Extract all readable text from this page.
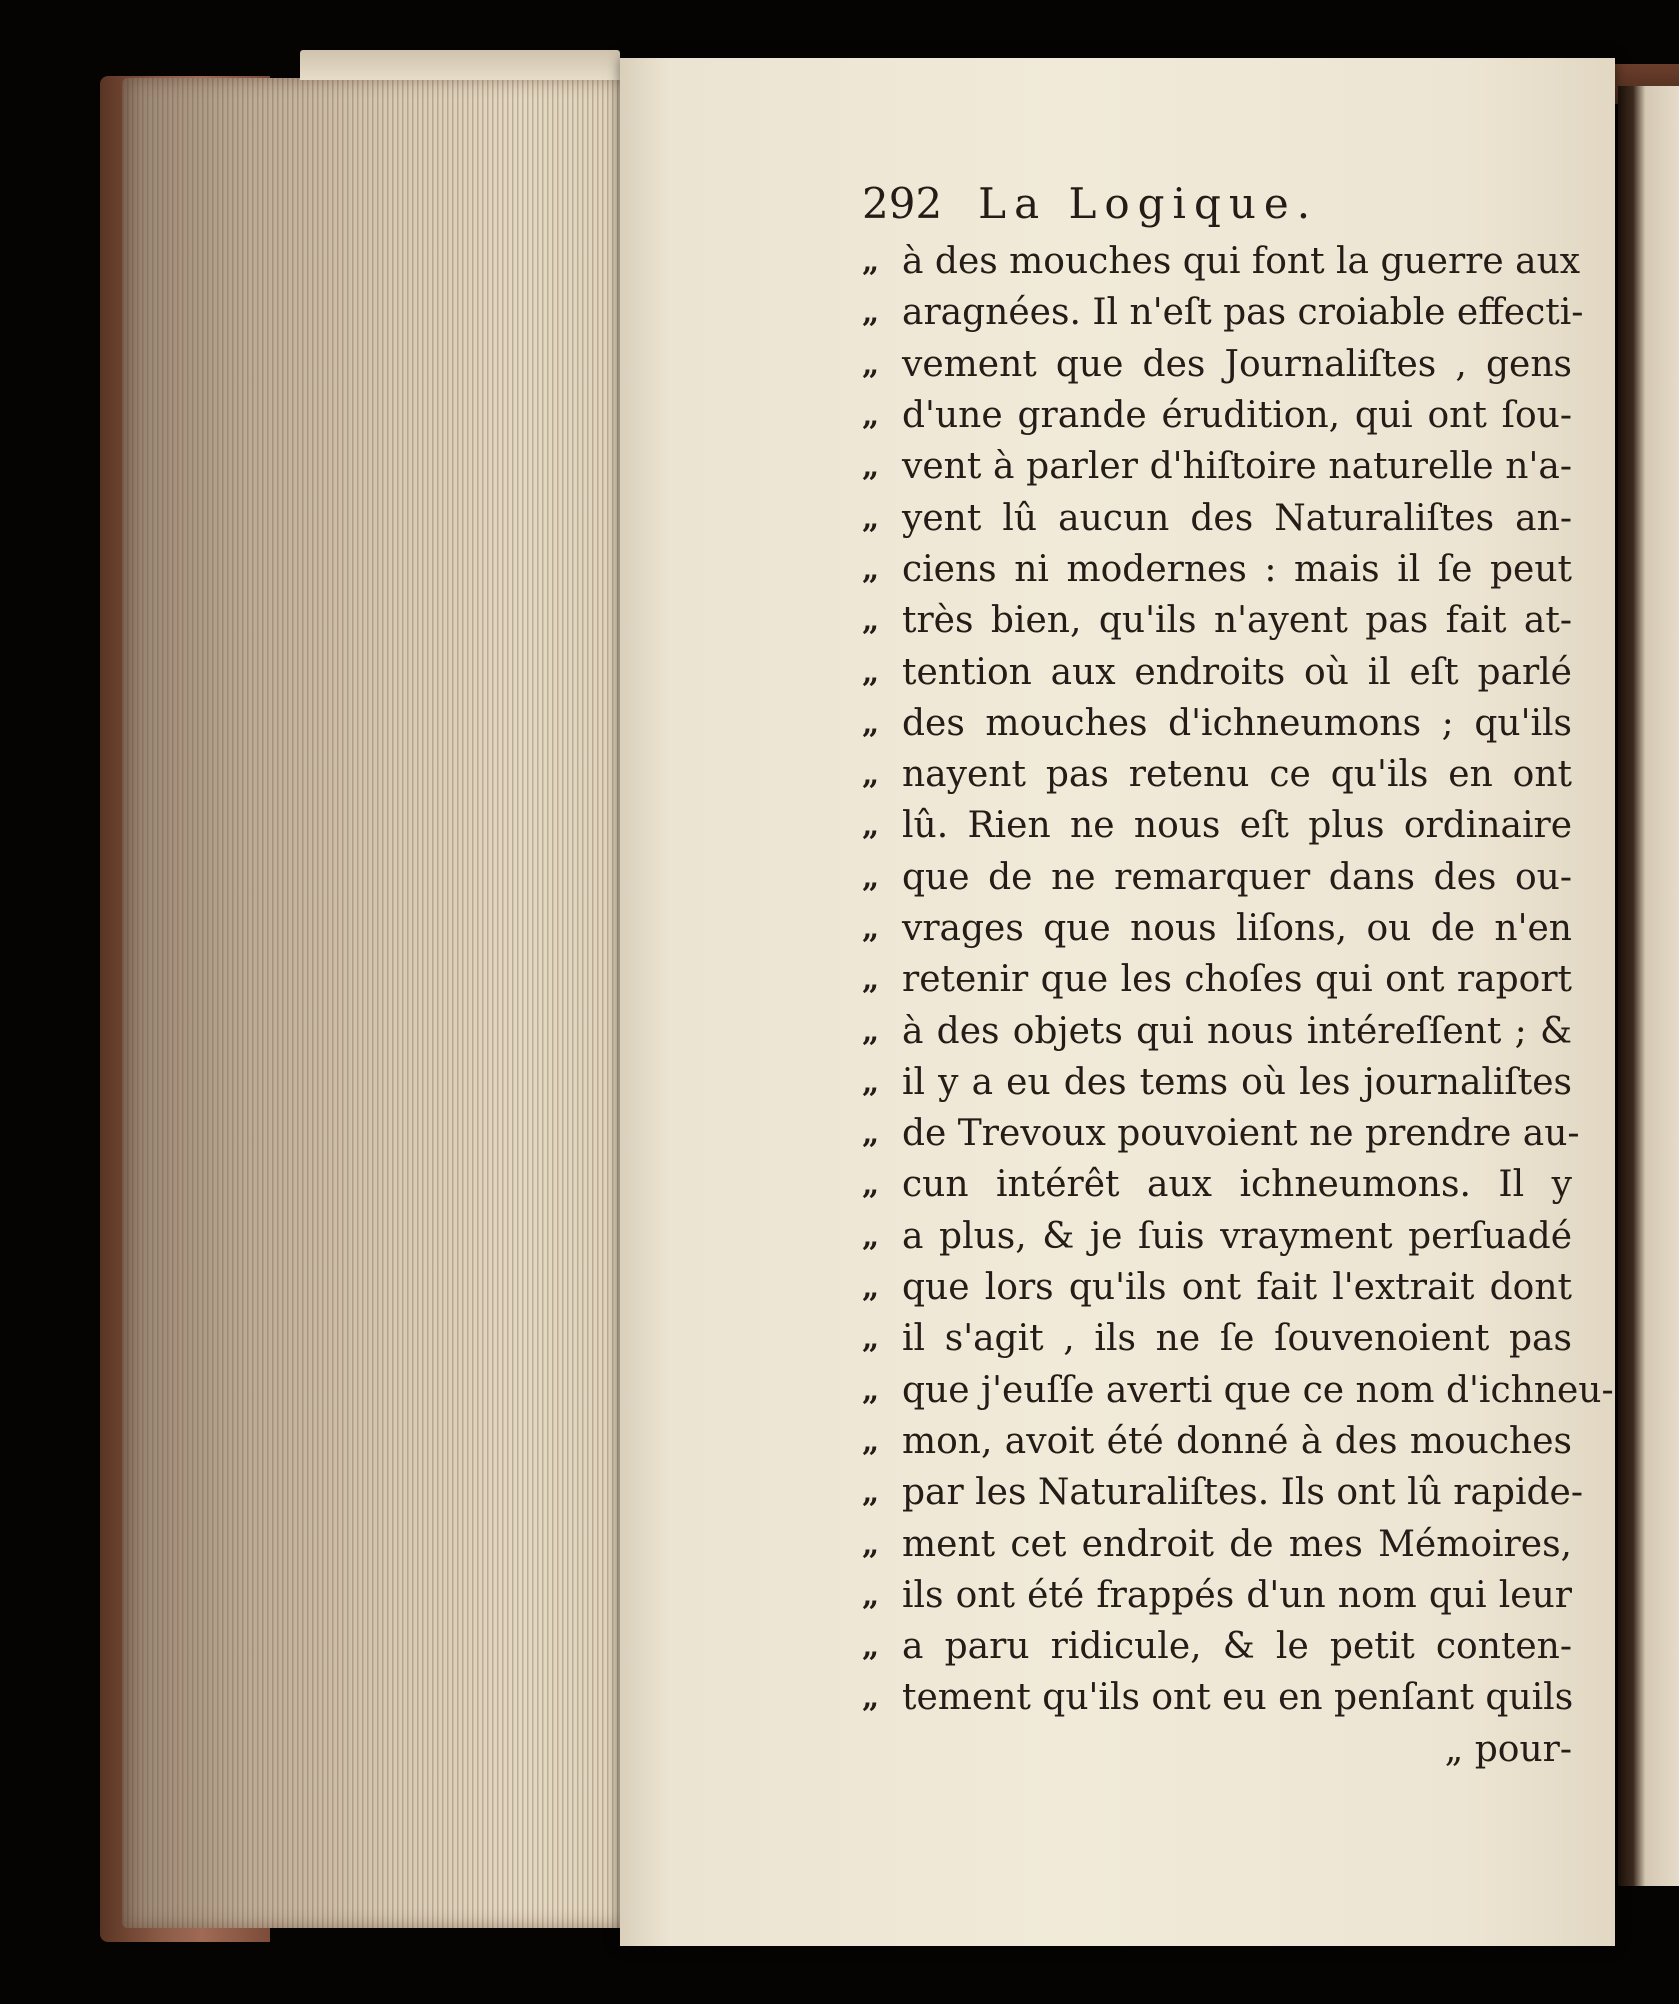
292 La Logique.
„ à des mouches qui font la guerre aux
„ aragnées. Il n'eſt pas croiable effecti-
„ vement que des Journaliſtes , gens
„ d'une grande érudition, qui ont ſou-
„ vent à parler d'hiſtoire naturelle n'a-
„ yent lû aucun des Naturaliſtes an-
„ ciens ni modernes : mais il ſe peut
„ très bien, qu'ils n'ayent pas fait at-
„ tention aux endroits où il eſt parlé
„ des mouches d'ichneumons ; qu'ils
„ nayent pas retenu ce qu'ils en ont
„ lû. Rien ne nous eſt plus ordinaire
„ que de ne remarquer dans des ou-
„ vrages que nous liſons, ou de n'en
„ retenir que les choſes qui ont raport
„ à des objets qui nous intéreſſent ; &
„ il y a eu des tems où les journaliſtes
„ de Trevoux pouvoient ne prendre au-
„ cun intérêt aux ichneumons. Il y
„ a plus, & je ſuis vrayment perſuadé
„ que lors qu'ils ont fait l'extrait dont
„ il s'agit , ils ne ſe ſouvenoient pas
„ que j'euſſe averti que ce nom d'ichneu-
„ mon, avoit été donné à des mouches
„ par les Naturaliſtes. Ils ont lû rapide-
„ ment cet endroit de mes Mémoires,
„ ils ont été frappés d'un nom qui leur
„ a paru ridicule, & le petit conten-
„ tement qu'ils ont eu en penſant quils
„ pour-
